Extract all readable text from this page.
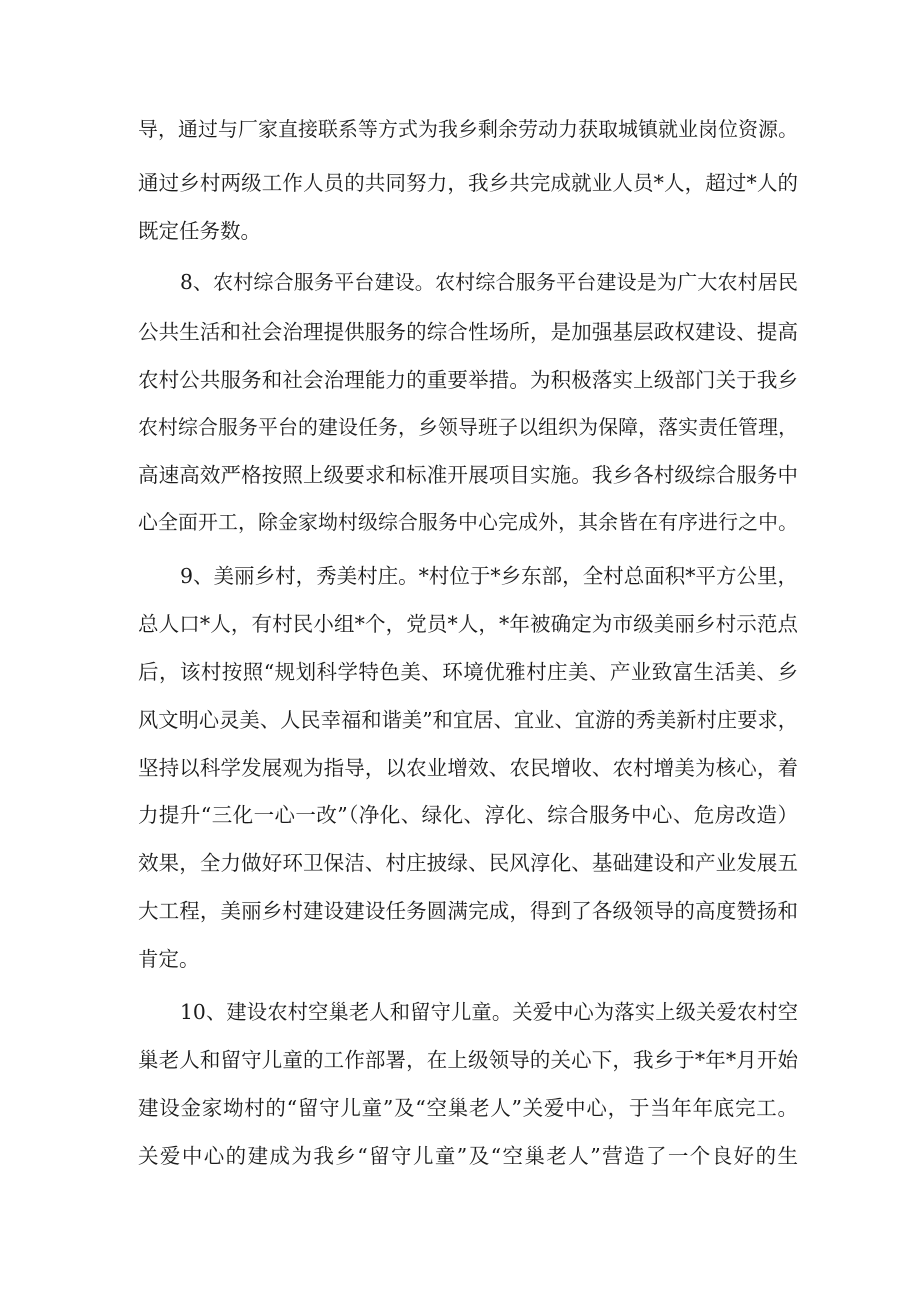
导，通过与厂家直接联系等方式为我乡剩余劳动力获取城镇就业岗位资源。
通过乡村两级工作人员的共同努力，我乡共完成就业人员*人，超过*人的
既定任务数。
8、农村综合服务平台建设。农村综合服务平台建设是为广大农村居民
公共生活和社会治理提供服务的综合性场所，是加强基层政权建设、提高
农村公共服务和社会治理能力的重要举措。为积极落实上级部门关于我乡
农村综合服务平台的建设任务，乡领导班子以组织为保障，落实责任管理，
高速高效严格按照上级要求和标准开展项目实施。我乡各村级综合服务中
心全面开工，除金家坳村级综合服务中心完成外，其余皆在有序进行之中。
9、美丽乡村，秀美村庄。*村位于*乡东部，全村总面积*平方公里，
总人口*人，有村民小组*个，党员*人，*年被确定为市级美丽乡村示范点
后，该村按照“规划科学特色美、环境优雅村庄美、产业致富生活美、乡
风文明心灵美、人民幸福和谐美”和宜居、宜业、宜游的秀美新村庄要求，
坚持以科学发展观为指导，以农业增效、农民增收、农村增美为核心，着
力提升“三化一心一改”（净化、绿化、淳化、综合服务中心、危房改造）
效果，全力做好环卫保洁、村庄披绿、民风淳化、基础建设和产业发展五
大工程，美丽乡村建设建设任务圆满完成，得到了各级领导的高度赞扬和
肯定。
10、建设农村空巢老人和留守儿童。关爱中心为落实上级关爱农村空
巢老人和留守儿童的工作部署，在上级领导的关心下，我乡于*年*月开始
建设金家坳村的“留守儿童”及“空巢老人”关爱中心，于当年年底完工。
关爱中心的建成为我乡“留守儿童”及“空巢老人”营造了一个良好的生
